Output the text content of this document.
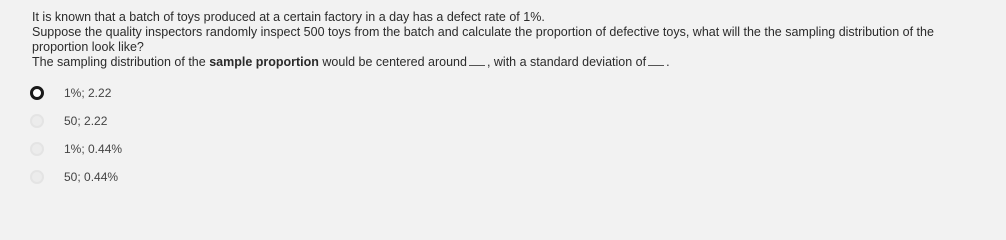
It is known that a batch of toys produced at a certain factory in a day has a defect rate of 1%.

Suppose the quality inspectors randomly inspect 500 toys from the batch and calculate the proportion of defective toys, what will the the sampling distribution of the proportion look like?

The sampling distribution of the sample proportion would be centered around , with a standard deviation of .

1%; 2.22
50; 2.22
1%; 0.44%
50; 0.44%
